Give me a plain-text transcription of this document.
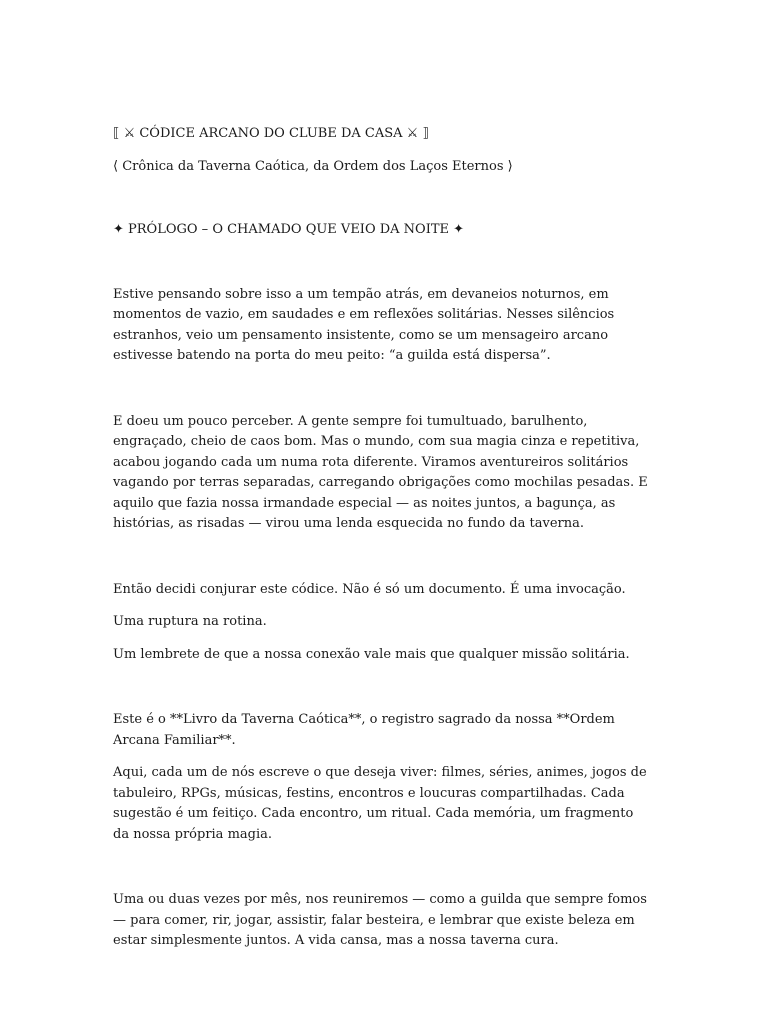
⟦ ⚔ CÓDICE ARCANO DO CLUBE DA CASA ⚔ ⟧

⟨ Crônica da Taverna Caótica, da Ordem dos Laços Eternos ⟩

✦ PRÓLOGO – O CHAMADO QUE VEIO DA NOITE ✦

Estive pensando sobre isso a um tempão atrás, em devaneios noturnos, em momentos de vazio, em saudades e em reflexões solitárias. Nesses silêncios estranhos, veio um pensamento insistente, como se um mensageiro arcano estivesse batendo na porta do meu peito: “a guilda está dispersa”.

E doeu um pouco perceber. A gente sempre foi tumultuado, barulhento, engraçado, cheio de caos bom. Mas o mundo, com sua magia cinza e repetitiva, acabou jogando cada um numa rota diferente. Viramos aventureiros solitários vagando por terras separadas, carregando obrigações como mochilas pesadas. E aquilo que fazia nossa irmandade especial — as noites juntos, a bagunça, as histórias, as risadas — virou uma lenda esquecida no fundo da taverna.

Então decidi conjurar este códice. Não é só um documento. É uma invocação.

Uma ruptura na rotina.

Um lembrete de que a nossa conexão vale mais que qualquer missão solitária.

Este é o **Livro da Taverna Caótica**, o registro sagrado da nossa **Ordem Arcana Familiar**.

Aqui, cada um de nós escreve o que deseja viver: filmes, séries, animes, jogos de tabuleiro, RPGs, músicas, festins, encontros e loucuras compartilhadas. Cada sugestão é um feitiço. Cada encontro, um ritual. Cada memória, um fragmento da nossa própria magia.

Uma ou duas vezes por mês, nos reuniremos — como a guilda que sempre fomos — para comer, rir, jogar, assistir, falar besteira, e lembrar que existe beleza em estar simplesmente juntos. A vida cansa, mas a nossa taverna cura.
